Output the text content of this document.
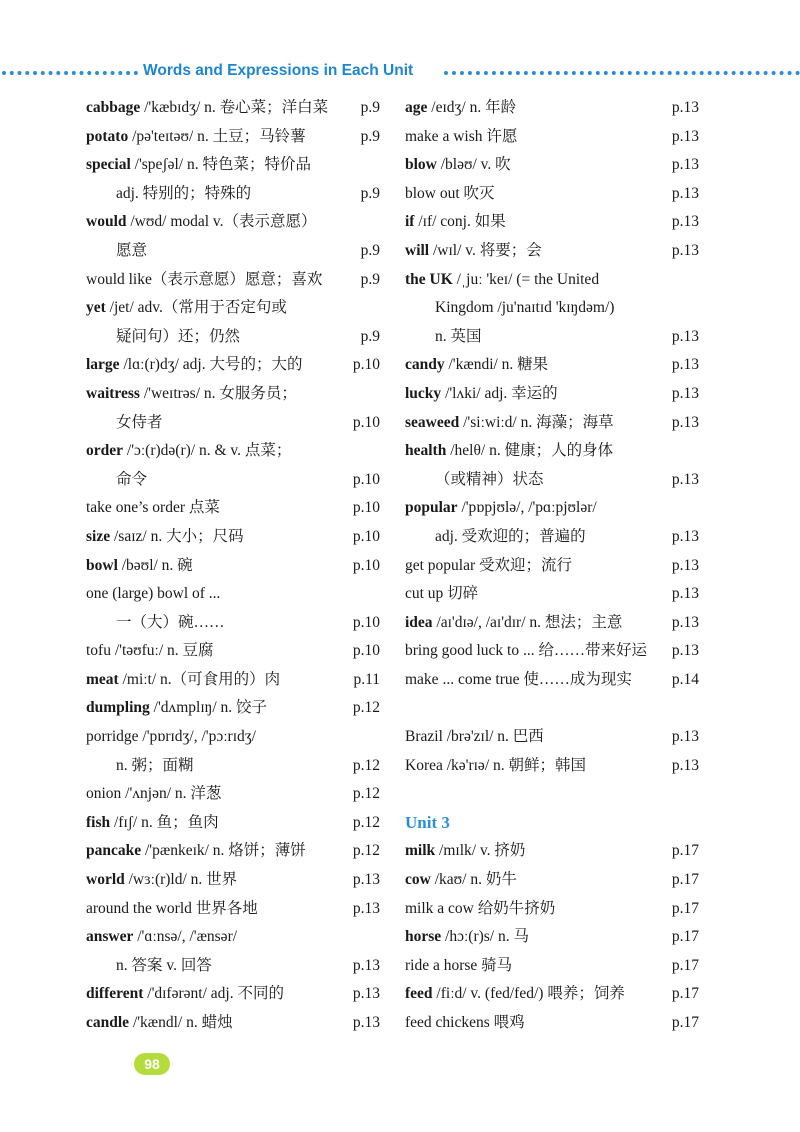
Words and Expressions in Each Unit
cabbage /'kæbɪdʒ/ n. 卷心菜；洋白菜 p.9
potato /pə'teɪtəʊ/ n. 土豆；马铃薯	p.9
special /'speʃəl/ n. 特色菜；特价品
adj. 特别的；特殊的	p.9
would /wʊd/ modal v.（表示意愿）
愿意	p.9
would like（表示意愿）愿意；喜欢 p.9
yet /jet/ adv.（常用于否定句或
疑问句）还；仍然	p.9
large /lɑː(r)dʒ/ adj. 大号的；大的	p.10
waitress /'weɪtrəs/ n. 女服务员；
女侍者	p.10
order /'ɔː(r)də(r)/ n. & v. 点菜；
命令	p.10
take one’s order 点菜	p.10
size /saɪz/ n. 大小；尺码	p.10
bowl /bəʊl/ n. 碗	p.10
one (large) bowl of ...
一（大）碗……	p.10
tofu /'təʊfuː/ n. 豆腐	p.10
meat /miːt/ n.（可食用的）肉	p.11
dumpling /'dʌmplɪŋ/ n. 饺子	p.12
porridge /'pɒrɪdʒ/, /'pɔːrɪdʒ/
n. 粥；面糊	p.12
onion /'ʌnjən/ n. 洋葱	p.12
fish /fɪʃ/ n. 鱼；鱼肉	p.12
pancake /'pænkeɪk/ n. 烙饼；薄饼	p.12
world /wɜː(r)ld/ n. 世界	p.13
around the world 世界各地	p.13
answer /'ɑːnsə/, /'ænsər/
n. 答案 v. 回答	p.13
different /'dɪfərənt/ adj. 不同的	p.13
candle /'kændl/ n. 蜡烛	p.13
age /eɪdʒ/ n. 年龄	p.13
make a wish 许愿	p.13
blow /bləʊ/ v. 吹	p.13
blow out 吹灭	p.13
if /ɪf/ conj. 如果	p.13
will /wɪl/ v. 将要；会	p.13
the UK /ˌjuː 'keɪ/ (= the United
Kingdom /ju'naɪtɪd 'kɪŋdəm/)
n. 英国	p.13
candy /'kændi/ n. 糖果	p.13
lucky /'lʌki/ adj. 幸运的	p.13
seaweed /'siːwiːd/ n. 海藻；海草	p.13
health /helθ/ n. 健康；人的身体
（或精神）状态	p.13
popular /'pɒpjʊlə/, /'pɑːpjʊlər/
adj. 受欢迎的；普遍的	p.13
get popular 受欢迎；流行	p.13
cut up 切碎	p.13
idea /aɪ'dɪə/, /aɪ'dɪr/ n. 想法；主意	p.13
bring good luck to ... 给……带来好运 p.13
make ... come true 使……成为现实	p.14
Brazil /brə'zɪl/ n. 巴西	p.13
Korea /kə'rɪə/ n. 朝鲜；韩国	p.13
Unit 3
milk /mɪlk/ v. 挤奶	p.17
cow /kaʊ/ n. 奶牛	p.17
milk a cow 给奶牛挤奶	p.17
horse /hɔː(r)s/ n. 马	p.17
ride a horse 骑马	p.17
feed /fiːd/ v. (fed/fed/) 喂养；饲养	p.17
feed chickens 喂鸡	p.17
98
